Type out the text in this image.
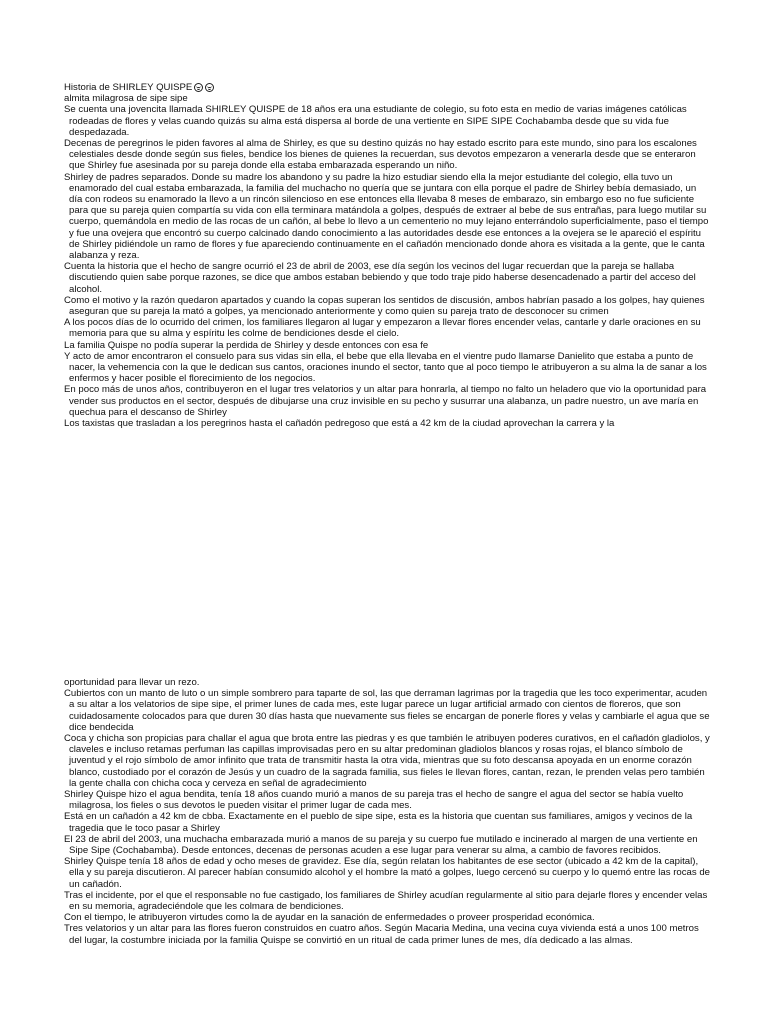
Historia de SHIRLEY QUISPE

almita milagrosa de sipe sipe

Se cuenta una jovencita llamada SHIRLEY QUISPE de 18 años era una estudiante de colegio, su foto esta en medio de varias imágenes católicas rodeadas de flores y velas cuando quizás su alma está dispersa al borde de una vertiente en SIPE SIPE Cochabamba desde que su vida fue despedazada.

Decenas de peregrinos le piden favores al alma de Shirley, es que su destino quizás no hay estado escrito para este mundo, sino para los escalones celestiales desde donde según sus fieles, bendice los bienes de quienes la recuerdan, sus devotos empezaron a venerarla desde que se enteraron que Shirley fue asesinada por su pareja donde ella estaba embarazada esperando un niño.

Shirley de padres separados. Donde su madre los abandono y su padre la hizo estudiar siendo ella la mejor estudiante del colegio, ella tuvo un enamorado del cual estaba embarazada, la familia del muchacho no quería que se juntara con ella porque el padre de Shirley bebía demasiado, un día con rodeos su enamorado la llevo a un rincón silencioso en ese entonces ella llevaba 8 meses de embarazo, sin embargo eso no fue suficiente para que su pareja quien compartía su vida con ella terminara matándola a golpes, después de extraer al bebe de sus entrañas, para luego mutilar su cuerpo, quemándola en medio de las rocas de un cañón, al bebe lo llevo a un cementerio no muy lejano enterrándolo superficialmente, paso el tiempo y fue una ovejera que encontró su cuerpo calcinado dando conocimiento a las autoridades desde ese entonces a la ovejera se le apareció el espíritu de Shirley pidiéndole un ramo de flores y fue apareciendo continuamente en el cañadón mencionado donde ahora es visitada a la gente, que le canta alabanza y reza.

Cuenta la historia que el hecho de sangre ocurrió el 23 de abril de 2003, ese día según los vecinos del lugar recuerdan que la pareja se hallaba discutiendo quien sabe porque razones, se dice que ambos estaban bebiendo y que todo traje pido haberse desencadenado a partir del acceso del alcohol.

Como el motivo y la razón quedaron apartados y cuando la copas superan los sentidos de discusión, ambos habrían pasado a los golpes, hay quienes aseguran que su pareja la mató a golpes, ya mencionado anteriormente y como quien su pareja trato de desconocer su crimen

A los pocos días de lo ocurrido del crimen, los familiares llegaron al lugar y empezaron a llevar flores encender velas, cantarle y darle oraciones en su memoria para que su alma y espíritu les colme de bendiciones desde el cielo.

La familia Quispe no podía superar la perdida de Shirley y desde entonces con esa fe

Y acto de amor encontraron el consuelo para sus vidas sin ella, el bebe que ella llevaba en el vientre pudo llamarse Danielito que estaba a punto de nacer, la vehemencia con la que le dedican sus cantos, oraciones inundo el sector, tanto que al poco tiempo le atribuyeron a su alma la de sanar a los enfermos y hacer posible el florecimiento de los negocios.

En poco más de unos años, contribuyeron en el lugar tres velatorios y un altar para honrarla, al tiempo no falto un heladero que vio la oportunidad para vender sus productos en el sector, después de dibujarse una cruz invisible en su pecho y susurrar una alabanza, un padre nuestro, un ave maría en quechua para el descanso de Shirley

Los taxistas que trasladan a los peregrinos hasta el cañadón pedregoso que está a 42 km de la ciudad aprovechan la carrera y la

oportunidad para llevar un rezo.

Cubiertos con un manto de luto o un simple sombrero para taparte de sol, las que derraman lagrimas por la tragedia que les toco experimentar, acuden a su altar a los velatorios de sipe sipe, el primer lunes de cada mes, este lugar parece un lugar artificial armado con cientos de floreros, que son cuidadosamente colocados para que duren 30 días hasta que nuevamente sus fieles se encargan de ponerle flores y velas y cambiarle el agua que se dice bendecida

Coca y chicha son propicias para challar el agua que brota entre las piedras y es que también le atribuyen poderes curativos, en el cañadón gladiolos, y claveles e incluso retamas perfuman las capillas improvisadas pero en su altar predominan gladiolos blancos y rosas rojas, el blanco símbolo de juventud y el rojo símbolo de amor infinito que trata de transmitir hasta la otra vida, mientras que su foto descansa apoyada en un enorme corazón blanco, custodiado por el corazón de Jesús y un cuadro de la sagrada familia, sus fieles le llevan flores, cantan, rezan, le prenden velas pero también la gente challa con chicha coca y cerveza en señal de agradecimiento

Shirley Quispe hizo el agua bendita, tenía 18 años cuando murió a manos de su pareja tras el hecho de sangre el agua del sector se había vuelto milagrosa, los fieles o sus devotos le pueden visitar el primer lugar de cada mes.

Está en un cañadón a 42 km de cbba. Exactamente en el pueblo de sipe sipe, esta es la historia que cuentan sus familiares, amigos y vecinos de la tragedia que le toco pasar a Shirley

El 23 de abril del 2003, una muchacha embarazada murió a manos de su pareja y su cuerpo fue mutilado e incinerado al margen de una vertiente en Sipe Sipe (Cochabamba). Desde entonces, decenas de personas acuden a ese lugar para venerar su alma, a cambio de favores recibidos.

Shirley Quispe tenía 18 años de edad y ocho meses de gravidez. Ese día, según relatan los habitantes de ese sector (ubicado a 42 km de la capital), ella y su pareja discutieron. Al parecer habían consumido alcohol y el hombre la mató a golpes, luego cercenó su cuerpo y lo quemó entre las rocas de un cañadón.

Tras el incidente, por el que el responsable no fue castigado, los familiares de Shirley acudían regularmente al sitio para dejarle flores y encender velas en su memoria, agradeciéndole que les colmara de bendiciones.

Con el tiempo, le atribuyeron virtudes como la de ayudar en la sanación de enfermedades o proveer prosperidad económica.

Tres velatorios y un altar para las flores fueron construidos en cuatro años. Según Macaria Medina, una vecina cuya vivienda está a unos 100 metros del lugar, la costumbre iniciada por la familia Quispe se convirtió en un ritual de cada primer lunes de mes, día dedicado a las almas.
